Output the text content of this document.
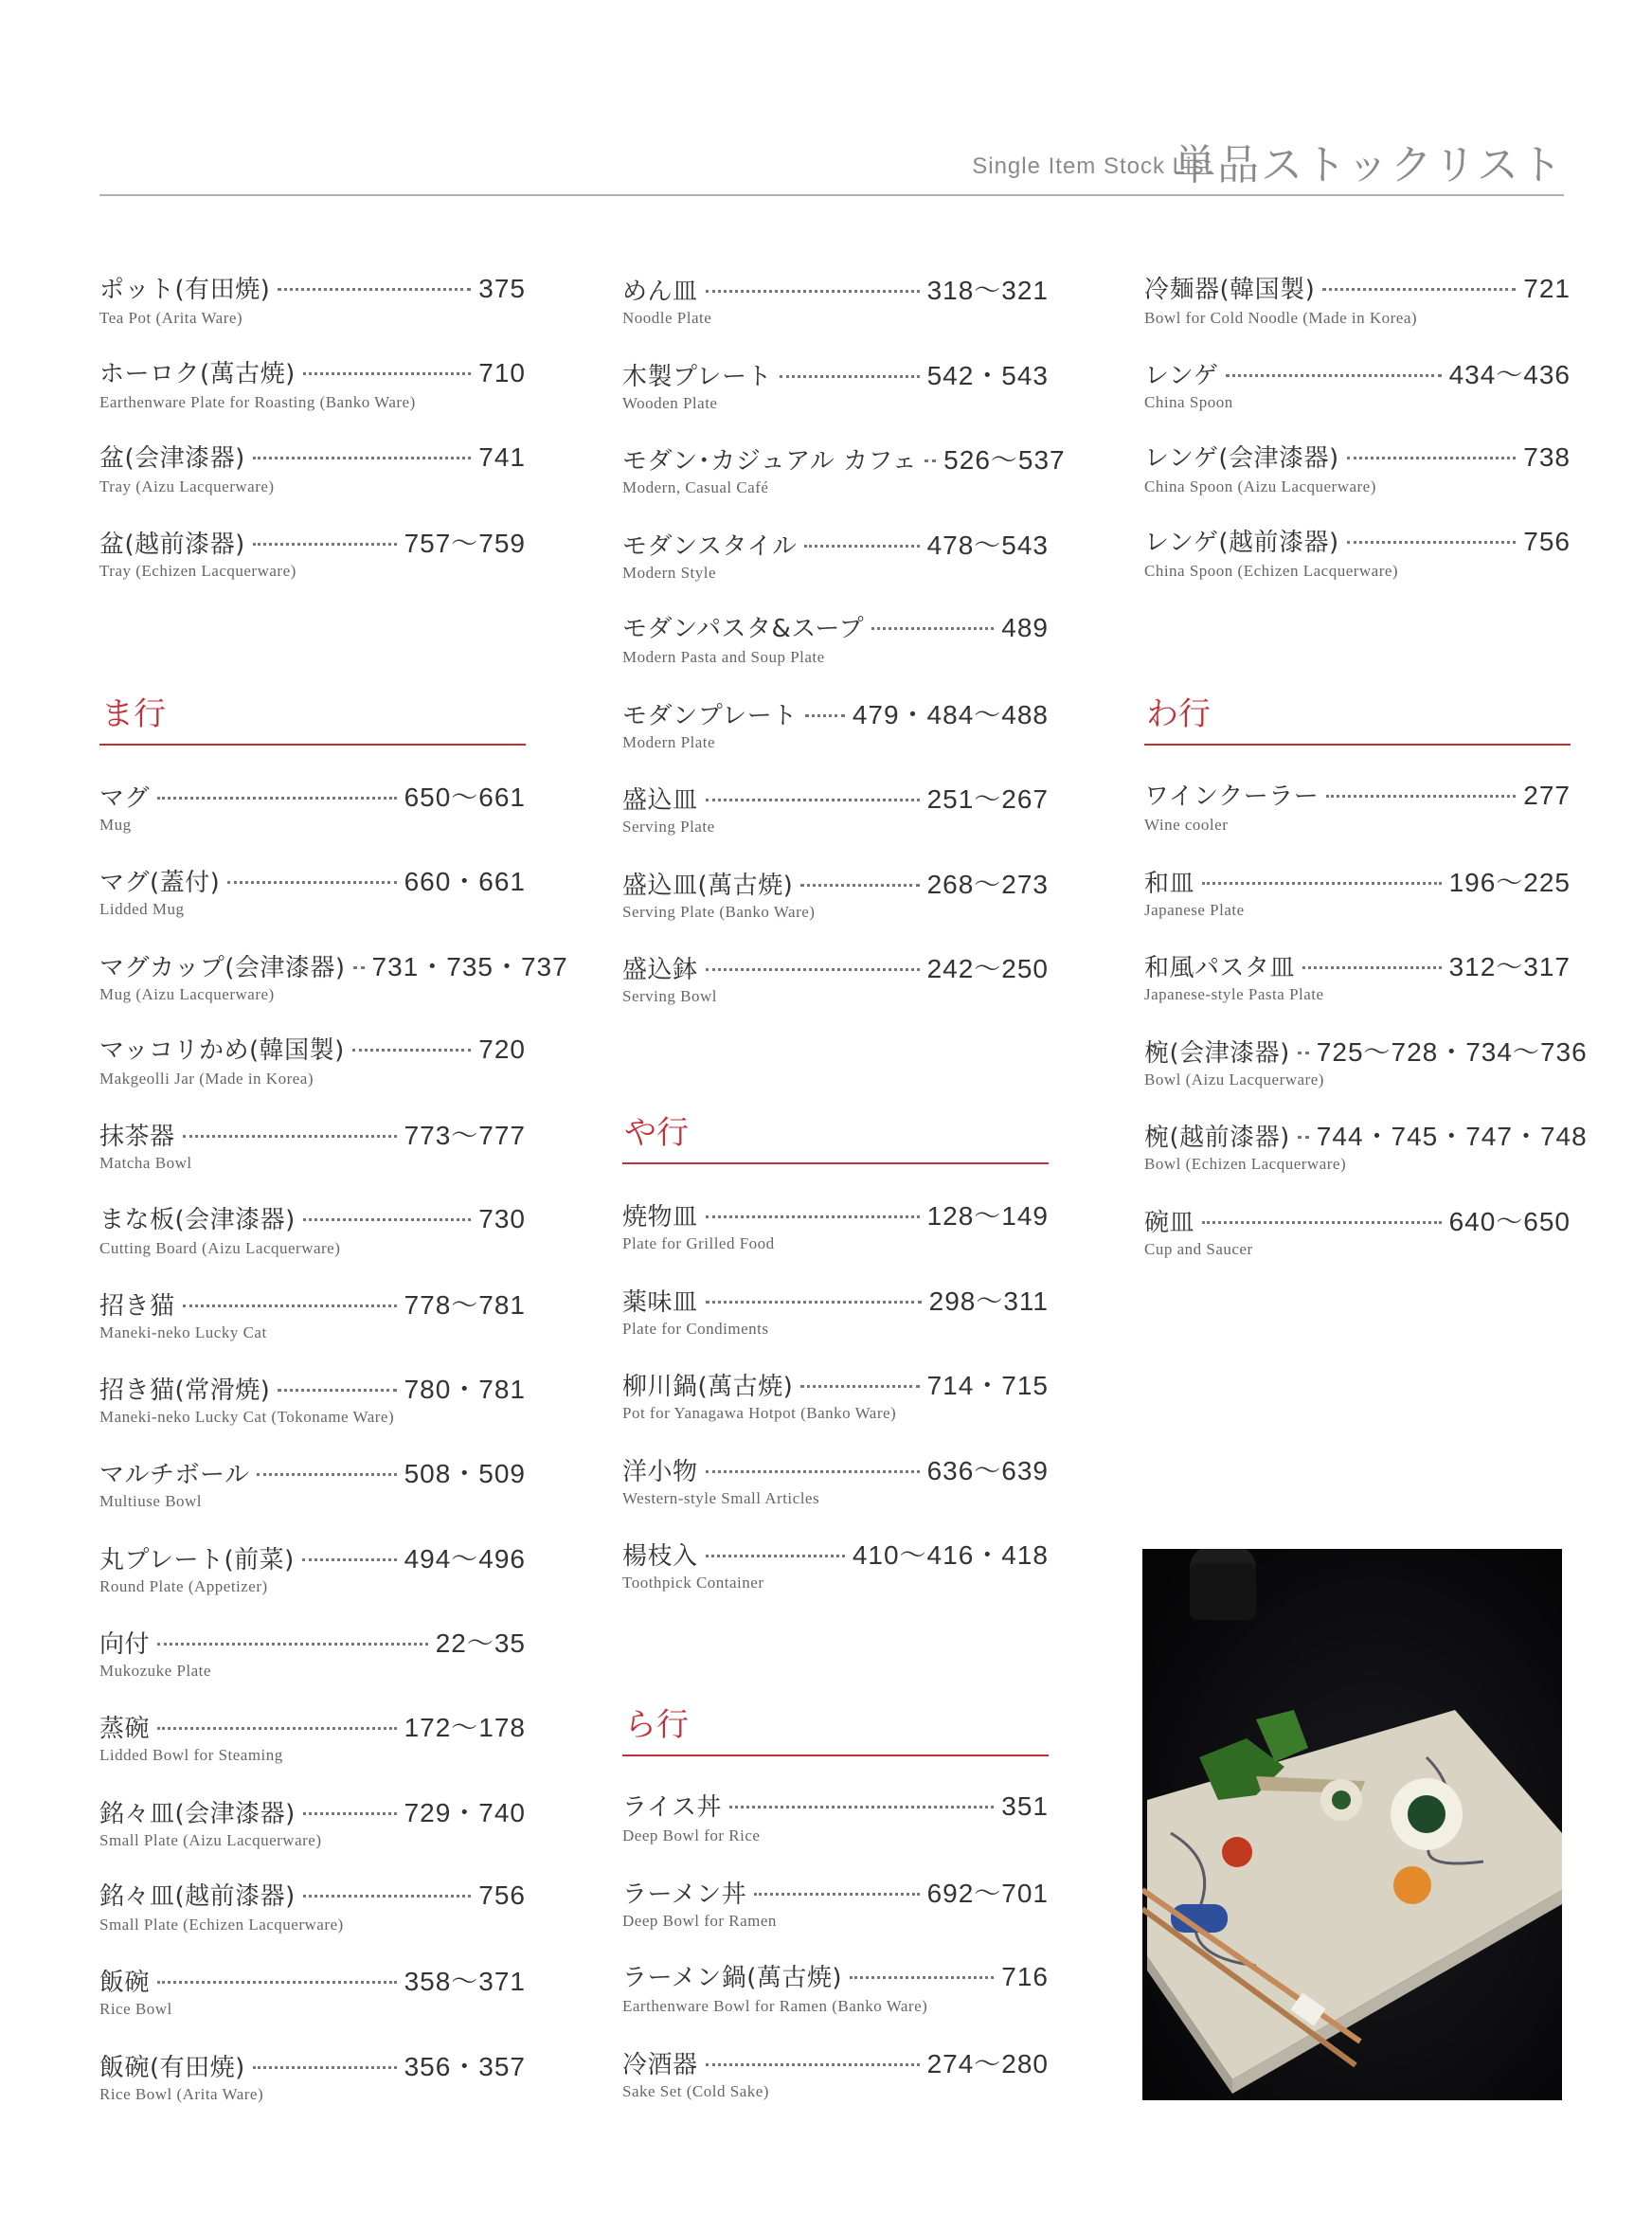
Single Item Stock List
単品ストックリスト
ま行
ポット(有田焼)	375
Tea Pot (Arita Ware)
ホーロク(萬古焼)	710
Earthenware Plate for Roasting (Banko Ware)
盆(会津漆器)	741
Tray (Aizu Lacquerware)
盆(越前漆器)	757〜759
Tray (Echizen Lacquerware)
マグ	650〜661
Mug
マグ(蓋付)	660・661
Lidded Mug
マグカップ(会津漆器) 731・735・737
Mug (Aizu Lacquerware)
マッコリかめ(韓国製)	720
Makgeolli Jar (Made in Korea)
抹茶器	773〜777
Matcha Bowl
まな板(会津漆器)	730
Cutting Board (Aizu Lacquerware)
招き猫	778〜781
Maneki-neko Lucky Cat
招き猫(常滑焼)	780・781
Maneki-neko Lucky Cat (Tokoname Ware)
マルチボール	508・509
Multiuse Bowl
丸プレート(前菜)	494〜496
Round Plate (Appetizer)
向付	22〜35
Mukozuke Plate
蒸碗	172〜178
Lidded Bowl for Steaming
銘々皿(会津漆器)	729・740
Small Plate (Aizu Lacquerware)
銘々皿(越前漆器)	756
Small Plate (Echizen Lacquerware)
飯碗	358〜371
Rice Bowl
飯碗(有田焼)	356・357
Rice Bowl (Arita Ware)
や行
ら行
めん皿	318〜321
Noodle Plate
木製プレート	542・543
Wooden Plate
モダン･カジュアル カフェ 526〜537
Modern, Casual Café
モダンスタイル	478〜543
Modern Style
モダンパスタ&スープ	489
Modern Pasta and Soup Plate
モダンプレート 479・484〜488
Modern Plate
盛込皿	251〜267
Serving Plate
盛込皿(萬古焼)	268〜273
Serving Plate (Banko Ware)
盛込鉢	242〜250
Serving Bowl
焼物皿	128〜149
Plate for Grilled Food
薬味皿	298〜311
Plate for Condiments
柳川鍋(萬古焼)	714・715
Pot for Yanagawa Hotpot (Banko Ware)
洋小物	636〜639
Western-style Small Articles
楊枝入	410〜416・418
Toothpick Container
ライス丼	351
Deep Bowl for Rice
ラーメン丼	692〜701
Deep Bowl for Ramen
ラーメン鍋(萬古焼)	716
Earthenware Bowl for Ramen (Banko Ware)
冷酒器	274〜280
Sake Set (Cold Sake)
わ行
冷麺器(韓国製)	721
Bowl for Cold Noodle (Made in Korea)
レンゲ	434〜436
China Spoon
レンゲ(会津漆器)	738
China Spoon (Aizu Lacquerware)
レンゲ(越前漆器)	756
China Spoon (Echizen Lacquerware)
ワインクーラー	277
Wine cooler
和皿	196〜225
Japanese Plate
和風パスタ皿	312〜317
Japanese-style Pasta Plate
椀(会津漆器) 725〜728・734〜736
Bowl (Aizu Lacquerware)
椀(越前漆器) 744・745・747・748
Bowl (Echizen Lacquerware)
碗皿	640〜650
Cup and Saucer
